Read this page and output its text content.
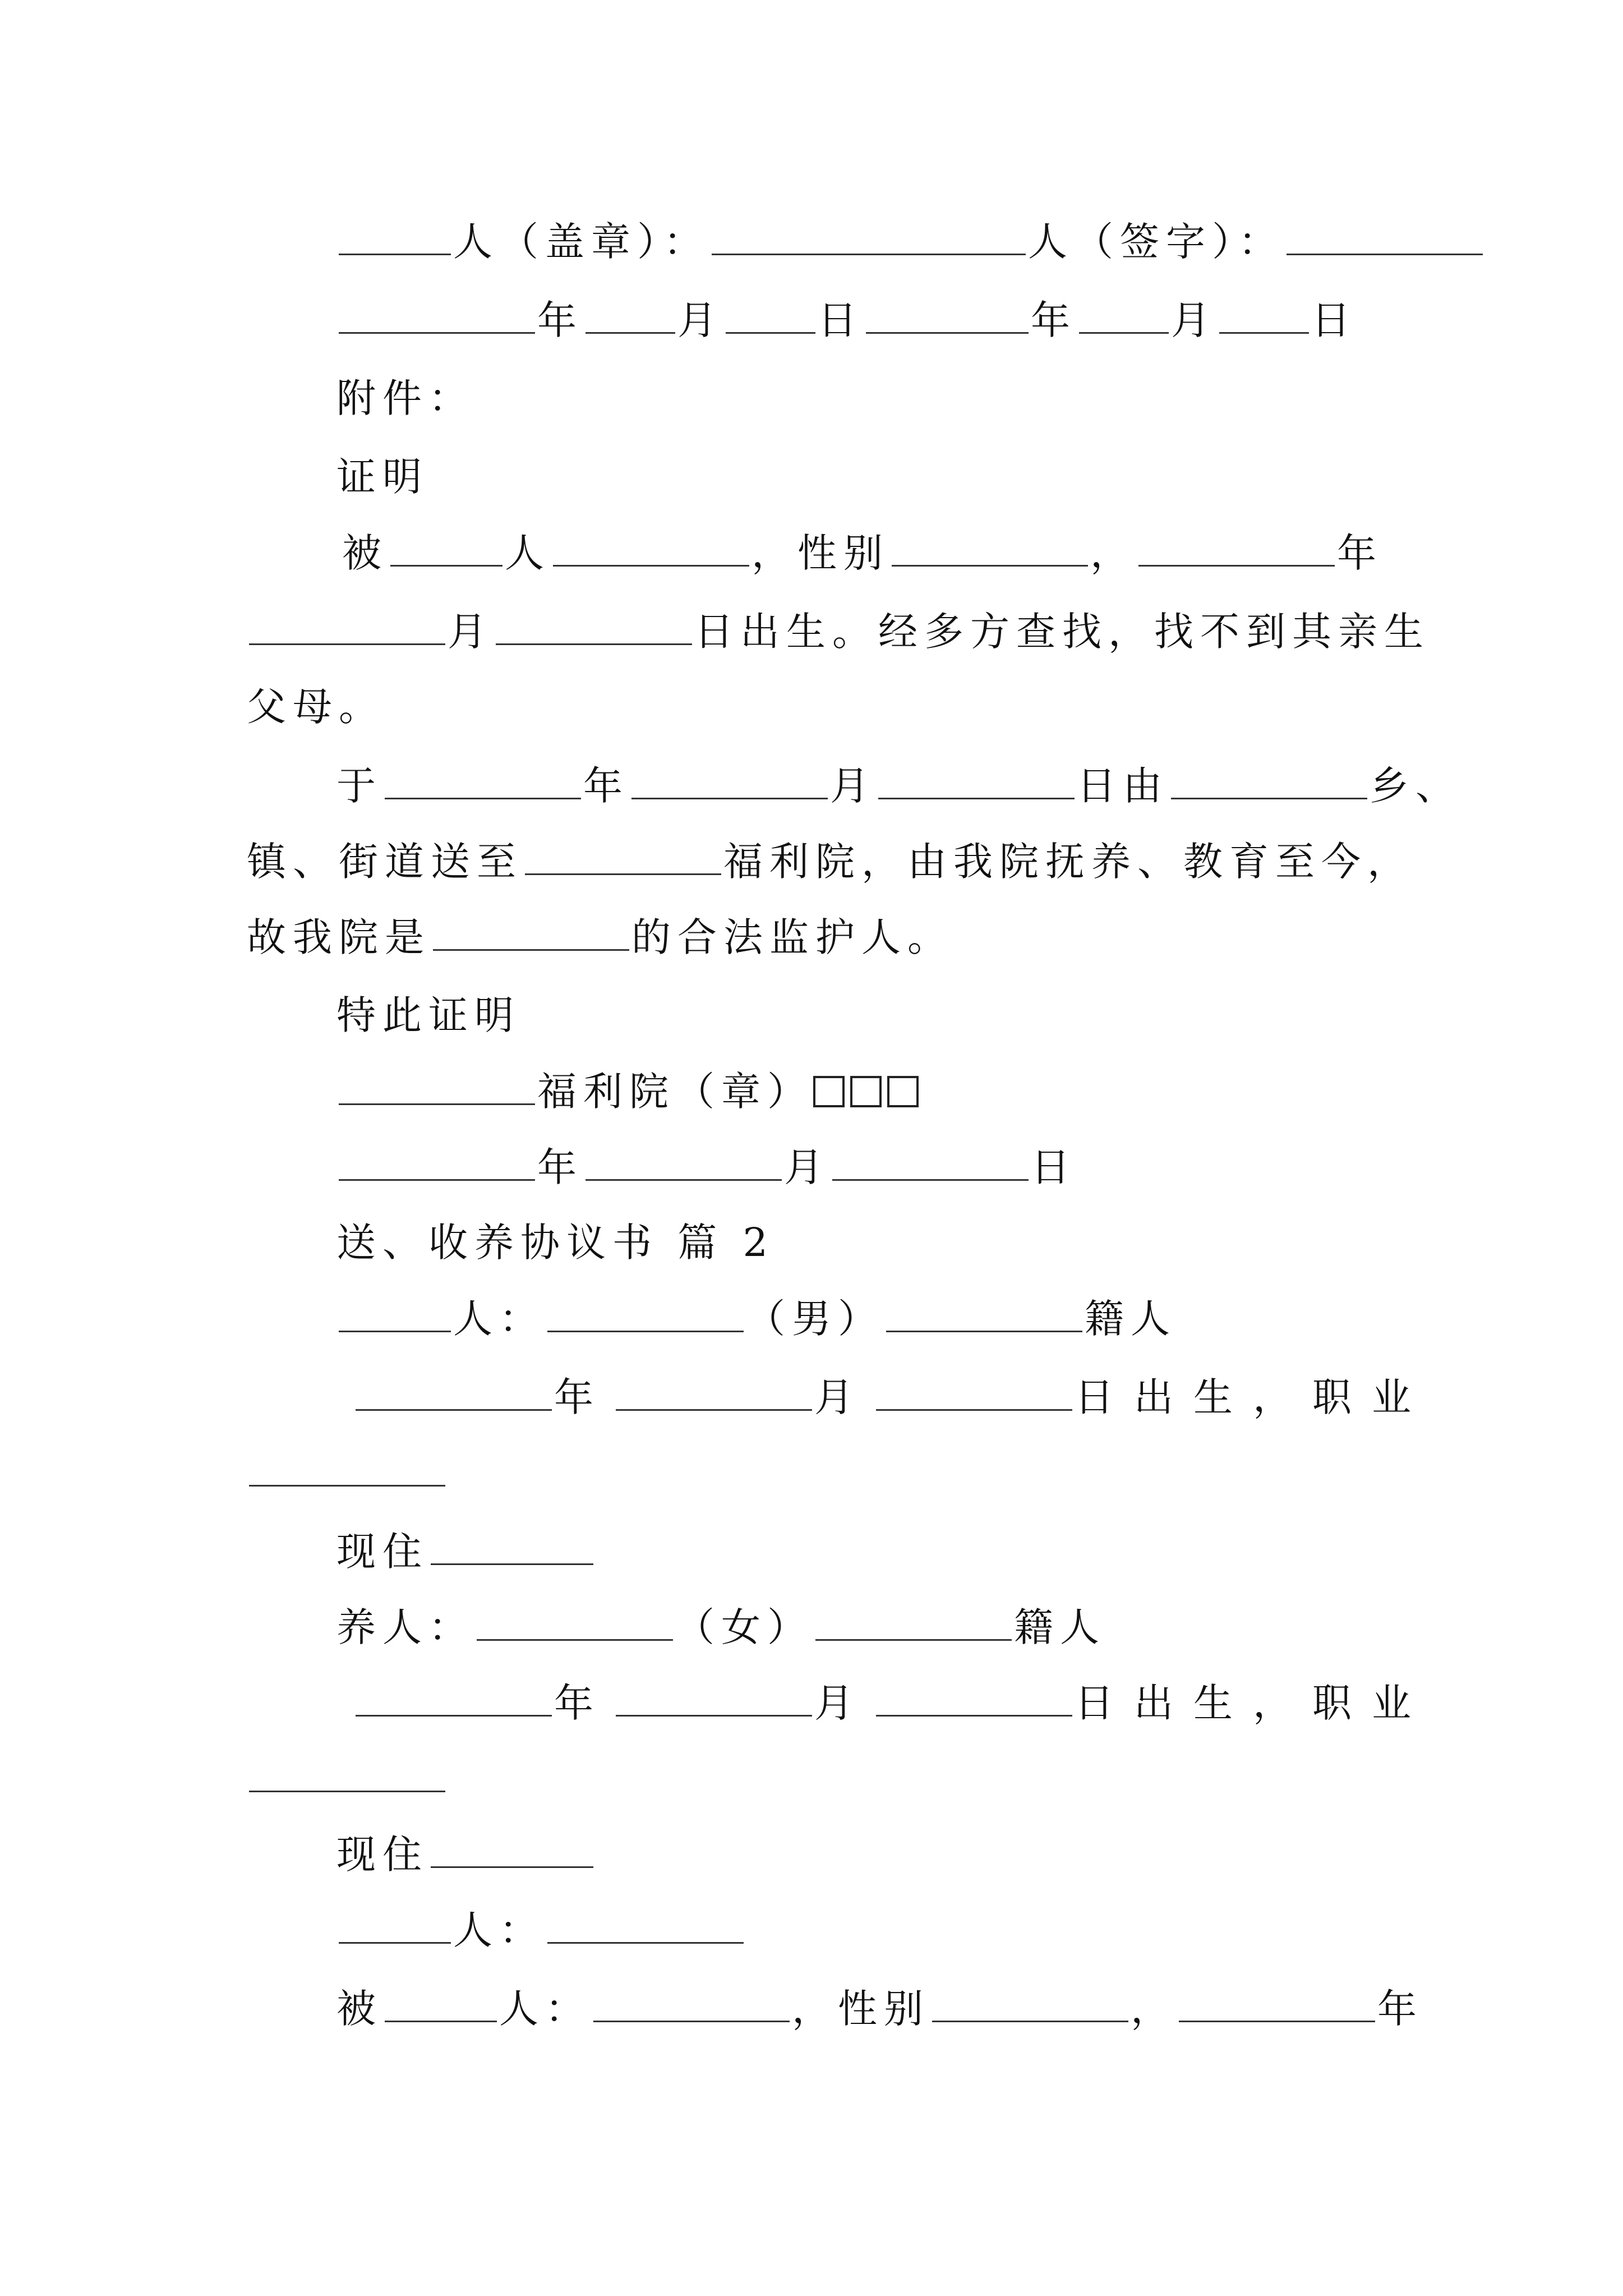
人（盖章）：	人（签字）：
年 月 日	年 月 日
附件：
证明
被	人	，性别	，	年
月	日出生。经多方查找，找不到其亲生
父母。
于	年	月	日由	乡、
镇、街道送至	福利院，由我院抚养、教育至今，
故我院是	的合法监护人。
特此证明
福利院（章）
年	月	日
送、收养协议书 篇 2
人：	（男）	籍人
年	月	日出生，职业
现住
养人：	（女）	籍人
年	月	日出生，职业
现住
人：
被	人：	，性别	，	年
